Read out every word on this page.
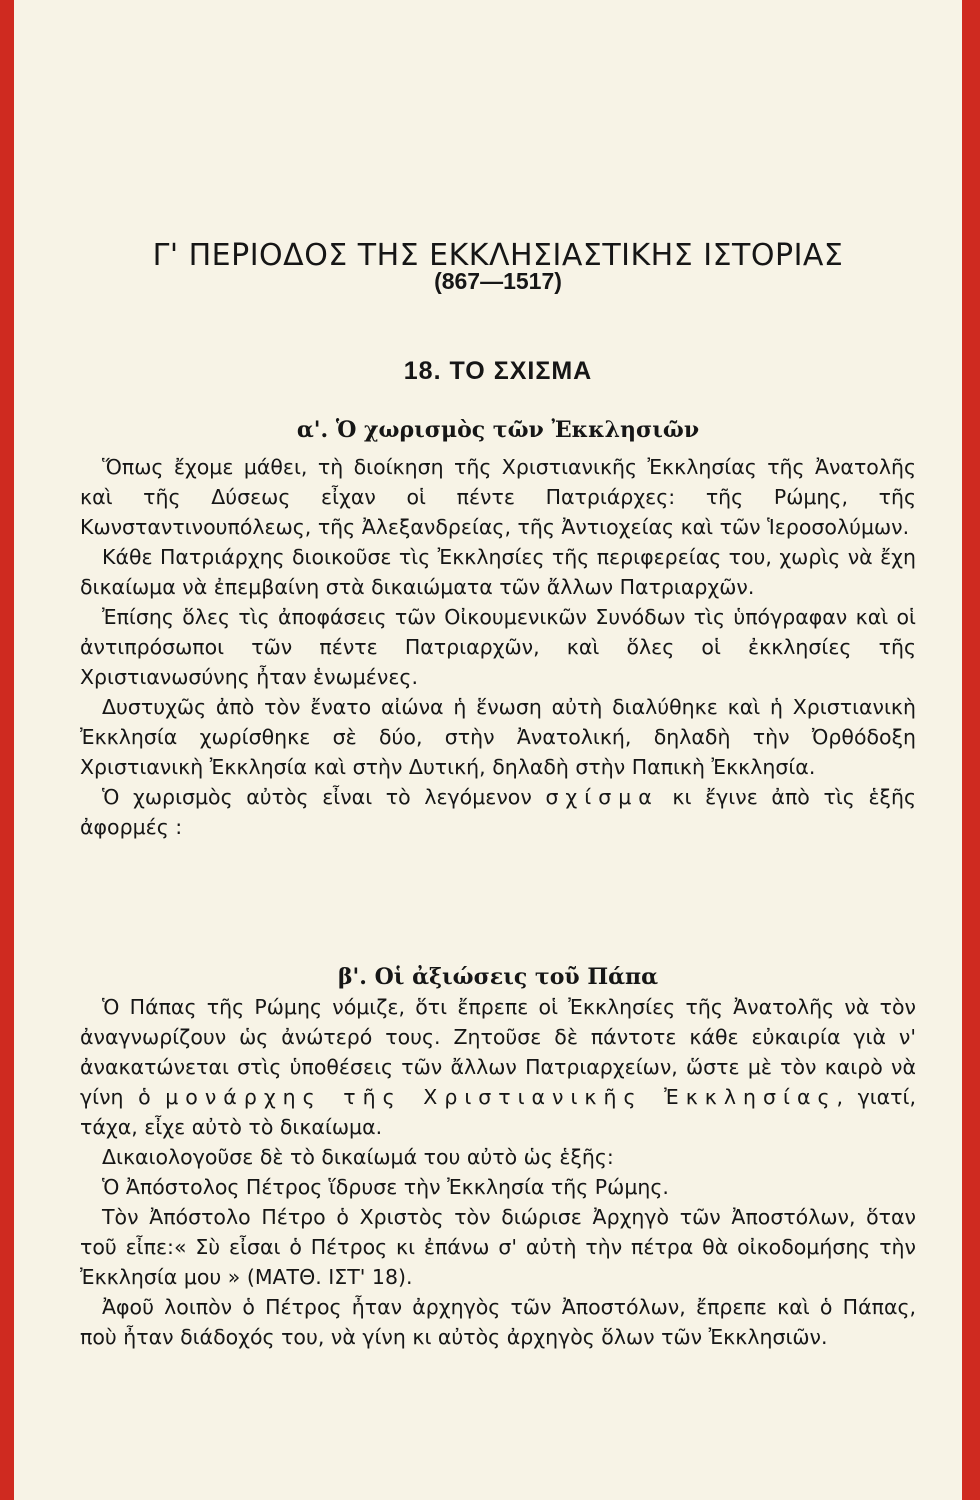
Γ' ΠΕΡΙΟΔΟΣ ΤΗΣ ΕΚΚΛΗΣΙΑΣΤΙΚΗΣ ΙΣΤΟΡΙΑΣ
(867—1517)
18. ΤΟ ΣΧΙΣΜΑ
α'. Ὁ χωρισμὸς τῶν Ἐκκλησιῶν

Ὅπως ἔχομε μάθει, τὴ διοίκηση τῆς Χριστιανικῆς Ἐκκλησίας τῆς Ἀνατολῆς καὶ τῆς Δύσεως εἶχαν οἱ πέντε Πατριάρχες: τῆς Ρώμης, τῆς Κωνσταντινουπόλεως, τῆς Ἀλεξανδρείας, τῆς Ἀντιοχείας καὶ τῶν Ἱεροσολύμων.

Κάθε Πατριάρχης διοικοῦσε τὶς Ἐκκλησίες τῆς περιφερείας του, χωρὶς νὰ ἔχη δικαίωμα νὰ ἐπεμβαίνη στὰ δικαιώματα τῶν ἄλλων Πατριαρχῶν.

Ἐπίσης ὅλες τὶς ἀποφάσεις τῶν Οἰκουμενικῶν Συνόδων τὶς ὑπόγραφαν καὶ οἱ ἀντιπρόσωποι τῶν πέντε Πατριαρχῶν, καὶ ὅλες οἱ ἐκκλησίες τῆς Χριστιανωσύνης ἦταν ἑνωμένες.

Δυστυχῶς ἀπὸ τὸν ἔνατο αἰώνα ἡ ἕνωση αὐτὴ διαλύθηκε καὶ ἡ Χριστιανικὴ Ἐκκλησία χωρίσθηκε σὲ δύο, στὴν Ἀνατολική, δηλαδὴ τὴν Ὀρθόδοξη Χριστιανικὴ Ἐκκλησία καὶ στὴν Δυτική, δηλαδὴ στὴν Παπικὴ Ἐκκλησία.

Ὁ χωρισμὸς αὐτὸς εἶναι τὸ λεγόμενον σχίσμα κι ἔγινε ἀπὸ τὶς ἑξῆς ἀφορμές :

β'. Οἱ ἀξιώσεις τοῦ Πάπα

Ὁ Πάπας τῆς Ρώμης νόμιζε, ὅτι ἔπρεπε οἱ Ἐκκλησίες τῆς Ἀνατολῆς νὰ τὸν ἀναγνωρίζουν ὡς ἀνώτερό τους. Ζητοῦσε δὲ πάντοτε κάθε εὐκαιρία γιὰ ν' ἀνακατώνεται στὶς ὑποθέσεις τῶν ἄλλων Πατριαρχείων, ὥστε μὲ τὸν καιρὸ νὰ γίνη ὁ μονάρχης τῆς Χριστιανικῆς Ἐκκλησίας, γιατί, τάχα, εἶχε αὐτὸ τὸ δικαίωμα.

Δικαιολογοῦσε δὲ τὸ δικαίωμά του αὐτὸ ὡς ἑξῆς:

Ὁ Ἀπόστολος Πέτρος ἵδρυσε τὴν Ἐκκλησία τῆς Ρώμης.

Τὸν Ἀπόστολο Πέτρο ὁ Χριστὸς τὸν διώρισε Ἀρχηγὸ τῶν Ἀποστόλων, ὅταν τοῦ εἶπε:« Σὺ εἶσαι ὁ Πέτρος κι ἐπάνω σ' αὐτὴ τὴν πέτρα θὰ οἰκοδομήσης τὴν Ἐκκλησία μου » (ΜΑΤΘ. ΙΣΤ' 18).

Ἀφοῦ λοιπὸν ὁ Πέτρος ἦταν ἀρχηγὸς τῶν Ἀποστόλων, ἔπρεπε καὶ ὁ Πάπας, ποὺ ἦταν διάδοχός του, νὰ γίνη κι αὐτὸς ἀρχηγὸς ὅλων τῶν Ἐκκλησιῶν.
